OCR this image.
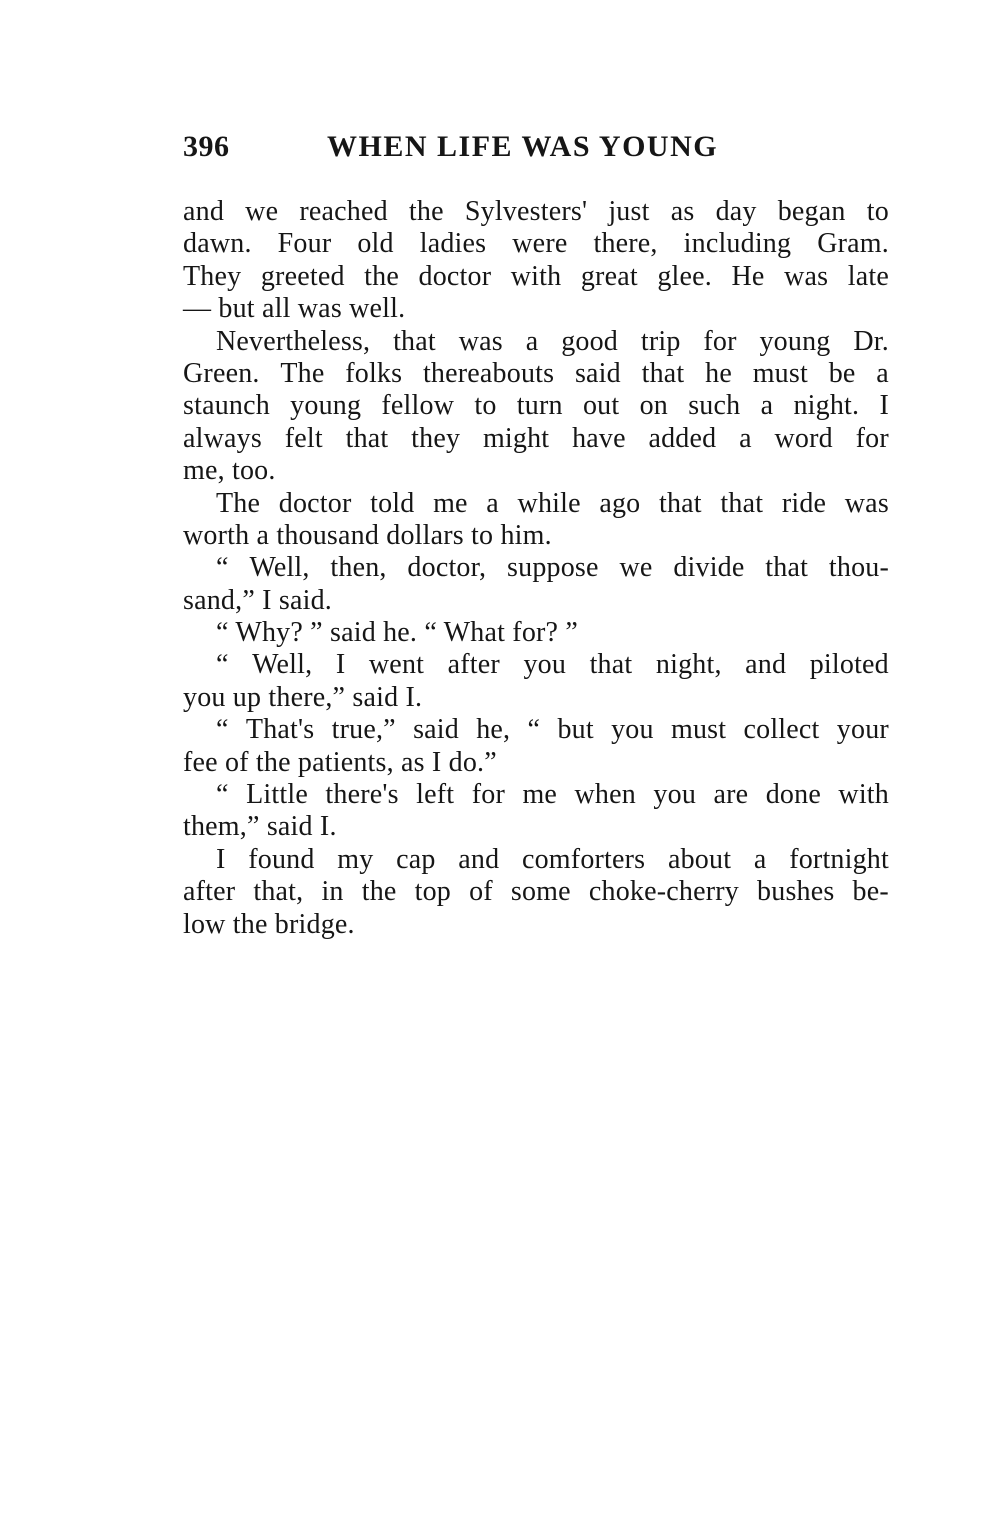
396	WHEN LIFE WAS YOUNG
and we reached the Sylvesters' just as day began to
dawn. Four old ladies were there, including Gram.
They greeted the doctor with great glee. He was late
— but all was well.
Nevertheless, that was a good trip for young Dr.
Green. The folks thereabouts said that he must be a
staunch young fellow to turn out on such a night. I
always felt that they might have added a word for
me, too.
The doctor told me a while ago that that ride was
worth a thousand dollars to him.
“ Well, then, doctor, suppose we divide that thou-
sand,” I said.
“ Why? ” said he. “ What for? ”
“ Well, I went after you that night, and piloted
you up there,” said I.
“ That's true,” said he, “ but you must collect your
fee of the patients, as I do.”
“ Little there's left for me when you are done with
them,” said I.
I found my cap and comforters about a fortnight
after that, in the top of some choke-cherry bushes be-
low the bridge.
